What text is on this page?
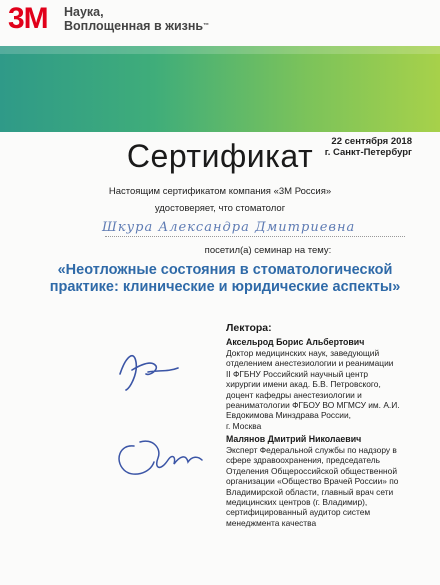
3M Наука,
Воплощенная в жизнь™
22 сентября 2018
г. Санкт-Петербург
Сертификат
Настоящим сертификатом компания «3М Россия»
удостоверяет, что стоматолог
Шкура Александра Дмитриевна
посетил(а) семинар на тему:
«Неотложные состояния в стоматологической
практике: клинические и юридические аспекты»
Лектора:
Аксельрод Борис Альбертович
Доктор медицинских наук, заведующий
отделением анестезиологии и реанимации
II ФГБНУ Российский научный центр
хирургии имени акад. Б.В. Петровского,
доцент кафедры анестезиологии и
реаниматологии ФГБОУ ВО МГМСУ им. А.И.
Евдокимова Минздрава России,
г. Москва
Малянов Дмитрий Николаевич
Эксперт Федеральной службы по надзору в
сфере здравоохранения, председатель
Отделения Общероссийской общественной
организации «Общество Врачей России» по
Владимирской области, главный врач сети
медицинских центров (г. Владимир),
сертифицированный аудитор систем
менеджмента качества
